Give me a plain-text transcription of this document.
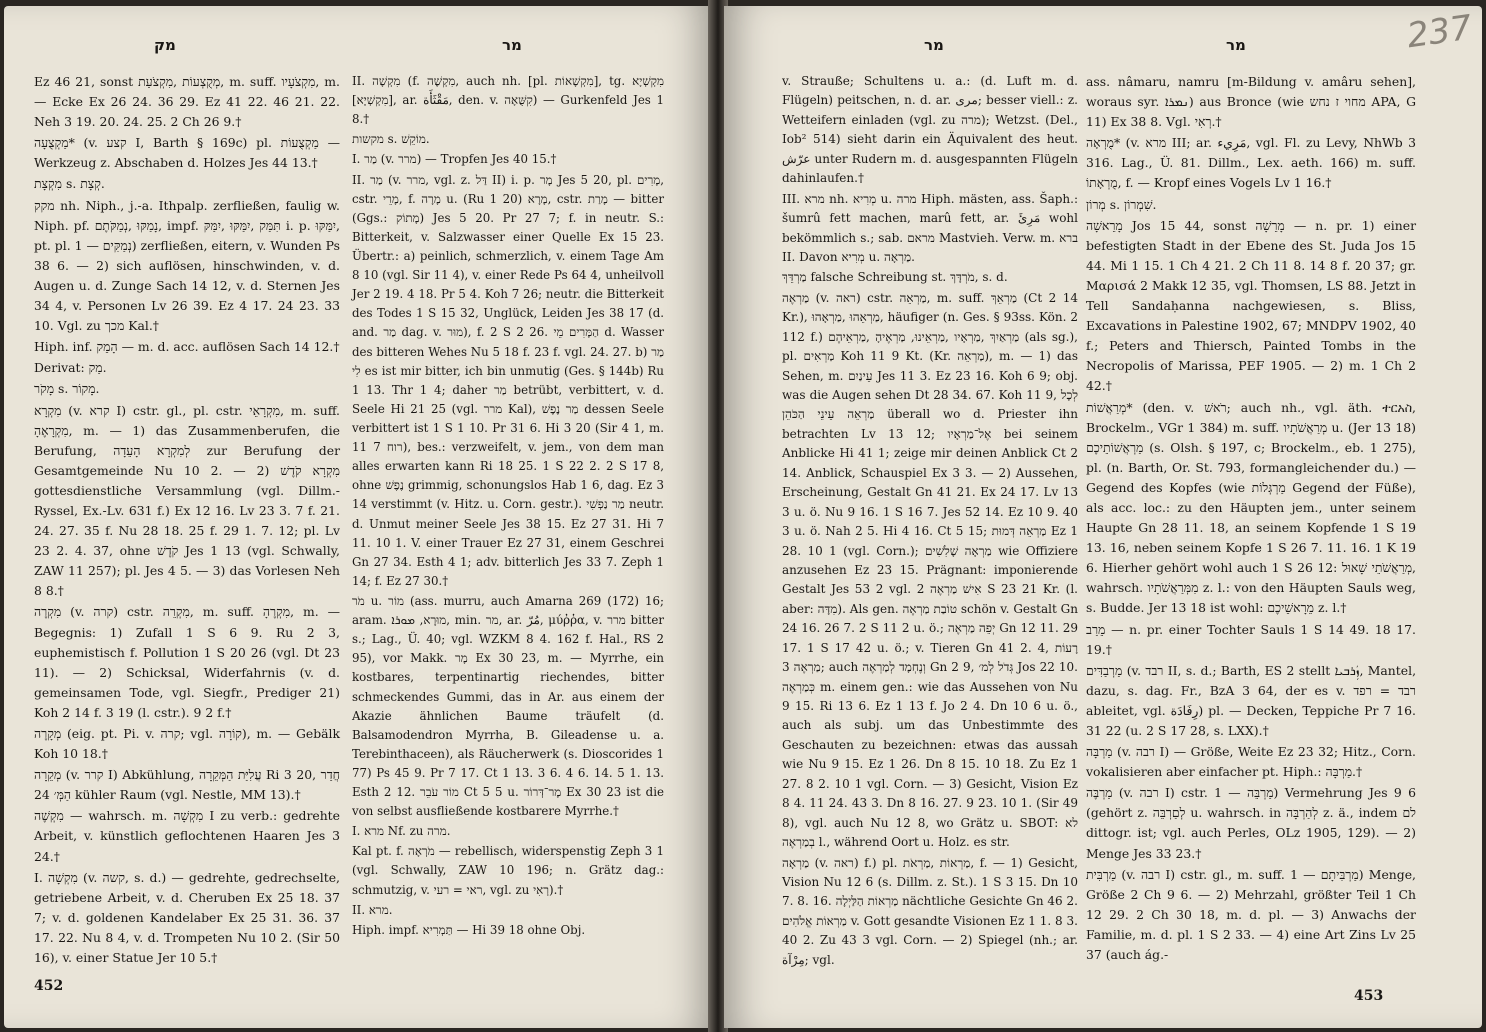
מק	מר
Ez 46 21, sonst מְקֻצְעוֹת ,מִקְצֹעַת, m. suff. מִקְצֹעָיו, m. — Ecke Ex 26 24. 36 29. Ez 41 22. 46 21. 22. Neh 3 19. 20. 24. 25. 2 Ch 26 9.†
מַקְצֻעָה* (v. קצע I, Barth § 169c) pl. מַקְצֻעוֹת — Werkzeug z. Abschaben d. Holzes Jes 44 13.†
מִקְצָת s. קְצָת.
מקק nh. Niph., j.-a. Ithpalp. zerfließen, faulig w. Niph. pf. נָמַקּוּ ,נְמַקֹּתֶם, impf. תִּמַּק ,יִמַּקּוּ ,יִמַּקּ i. p. יִמַּקּוּ, pt. pl. נְמַקִּים — 1) zerfließen, eitern, v. Wunden Ps 38 6. — 2) sich auflösen, hinschwinden, v. d. Augen u. d. Zunge Sach 14 12, v. d. Sternen Jes 34 4, v. Personen Lv 26 39. Ez 4 17. 24 23. 33 10. Vgl. zu מכך Kal.†
Hiph. inf. הָמֵק — m. d. acc. auflösen Sach 14 12.†
Derivat: מַק.
מָקֹר s. מָקוֹר.
מִקְרָא (v. קרא I) cstr. gl., pl. cstr. מִקְרָאֵי, m. suff. מִקְרָאֶהָ, m. — 1) das Zusammenberufen, die Berufung, לְמִקְרָא הָעֵדָה zur Berufung der Gesamtgemeinde Nu 10 2. — 2) מִקְרָא קֹדֶשׁ gottesdienstliche Versammlung (vgl. Dillm.-Ryssel, Ex.-Lv. 631 f.) Ex 12 16. Lv 23 3. 7 f. 21. 24. 27. 35 f. Nu 28 18. 25 f. 29 1. 7. 12; pl. Lv 23 2. 4. 37, ohne קֹדֶשׁ Jes 1 13 (vgl. Schwally, ZAW 11 257); pl. Jes 4 5. — 3) das Vorlesen Neh 8 8.†
מִקְרֶה (v. קרה) cstr. מִקְרֵה, m. suff. מִקְרֶהָ, m. — Begegnis: 1) Zufall 1 S 6 9. Ru 2 3, euphemistisch f. Pollution 1 S 20 26 (vgl. Dt 23 11). — 2) Schicksal, Widerfahrnis (v. d. gemeinsamen Tode, vgl. Siegfr., Prediger 21) Koh 2 14 f. 3 19 (l. cstr.). 9 2 f.†
מְקָרֶה (eig. pt. Pi. v. קרה; vgl. קוֹרָה), m. — Gebälk Koh 10 18.†
מְקֵרָה (v. קרר I) Abkühlung, עֲלִיַּת הַמְּקֵרָה Ri 3 20, חֲדַר הַמְּ׳ 24 kühler Raum (vgl. Nestle, MM 13).†
מִקְשֶׁה — wahrsch. m. מִקְשָׁה I zu verb.: gedrehte Arbeit, v. künstlich geflochtenen Haaren Jes 3 24.†
I. מִקְשָׁה (v. קשה, s. d.) — gedrehte, gedrechselte, getriebene Arbeit, v. d. Cheruben Ex 25 18. 37 7; v. d. goldenen Kandelaber Ex 25 31. 36. 37 17. 22. Nu 8 4, v. d. Trompeten Nu 10 2. (Sir 50 16), v. einer Statue Jer 10 5.†
II. מִקְשָׁה (f. מִקְשֶׁה, auch nh. [pl. מִקְשָׁאוֹת], tg. מִקְשְׁיָא [מִקְשְׁיָא], ar. مَقْثَأَة, den. v. קִשֻּׁאָה) — Gurkenfeld Jes 1 8.†
מקשות s. מוֹקֵשׁ.
I. מַר (v. מרר) — Tropfen Jes 40 15.†
II. מַר (v. מרר, vgl. z. דַּל II) i. p. מָר Jes 5 20, pl. מָרִים, cstr. מָרֵי, f. מָרָה u. (Ru 1 20) מָרָא, cstr. מָרַת — bitter (Ggs.: מָתוֹק) Jes 5 20. Pr 27 7; f. in neutr. S.: Bitterkeit, v. Salzwasser einer Quelle Ex 15 23. Übertr.: a) peinlich, schmerzlich, v. einem Tage Am 8 10 (vgl. Sir 11 4), v. einer Rede Ps 64 4, unheilvoll Jer 2 19. 4 18. Pr 5 4. Koh 7 26; neutr. die Bitterkeit des Todes 1 S 15 32, Unglück, Leiden Jes 38 17 (d. and. מַר dag. v. מוּר), f. 2 S 2 26. הַמָּרִים מֵי d. Wasser des bitteren Wehes Nu 5 18 f. 23 f. vgl. 24. 27. b) מַר לִי es ist mir bitter, ich bin unmutig (Ges. § 144b) Ru 1 13. Thr 1 4; daher מַר betrübt, verbittert, v. d. Seele Hi 21 25 (vgl. מרר Kal), מַר נֶפֶשׁ dessen Seele verbittert ist 1 S 1 10. Pr 31 6. Hi 3 20 (Sir 4 1, m. רוח 7 11), bes.: verzweifelt, v. jem., von dem man alles erwarten kann Ri 18 25. 1 S 22 2. 2 S 17 8, ohne נֶפֶשׁ grimmig, schonungslos Hab 1 6, dag. Ez 3 14 verstimmt (v. Hitz. u. Corn. gestr.). מַר נַפְשִׁי neutr. d. Unmut meiner Seele Jes 38 15. Ez 27 31. Hi 7 11. 10 1. V. einer Trauer Ez 27 31, einem Geschrei Gn 27 34. Esth 4 1; adv. bitterlich Jes 33 7. Zeph 1 14; f. Ez 27 30.†
מֹר u. מוֹר (ass. murru, auch Amarna 269 (172) 16; aram. מוּרָא, ܡܘܪܐ, min. מר, ar. مُرّ, μύῤῥα, v. מרר bitter s.; Lag., Ü. 40; vgl. WZKM 8 4. 162 f. Hal., RS 2 95), vor Makk. מָר Ex 30 23, m. — Myrrhe, ein kostbares, terpentinartig riechendes, bitter schmeckendes Gummi, das in Ar. aus einem der Akazie ähnlichen Baume träufelt (d. Balsamodendron Myrrha, B. Gileadense u. a. Terebinthaceen), als Räucherwerk (s. Dioscorides 1 77) Ps 45 9. Pr 7 17. Ct 1 13. 3 6. 4 6. 14. 5 1. 13. Esth 2 12. מוֹר עֹבֵר Ct 5 5 u. מָר־דְּרוֹר Ex 30 23 ist die von selbst ausfließende kostbarere Myrrhe.†
I. מרא Nf. zu מרה.
Kal pt. f. מֹרְאָה — rebellisch, widerspenstig Zeph 3 1 (vgl. Schwally, ZAW 10 196; n. Grätz dag.: schmutzig, v. ראי = רעי, vgl. zu רְאִי).†
II. מרא.
Hiph. impf. תַּמְרִיא — Hi 39 18 ohne Obj.
452
מר	מר	237
v. Strauße; Schultens u. a.: (d. Luft m. d. Flügeln) peitschen, n. d. ar. مرى; besser viell.: z. Wetteifern einladen (vgl. zu מרה); Wetzst. (Del., Iob² 514) sieht darin ein Äquivalent des heut. عرّش unter Rudern m. d. ausgespannten Flügeln dahinlaufen.†
III. מרא nh. מְרִיא u. מרה Hiph. mästen, ass. Šaph.: šumrû fett machen, marû fett, ar. مَرِئَ wohl bekömmlich s.; sab. מראם Mastvieh. Verw. m. ברא II. Davon מְרִיא u. מַרְאָה.
מַרְדֵּךְ falsche Schreibung st. מֹרְדָּךְ, s. d.
מַרְאֶה (v. ראה) cstr. מַרְאֵה, m. suff. מַרְאֵךְ (Ct 2 14 Kr.), מַרְאֵהוּ ,מַרְאָהוּ, häufiger (n. Ges. § 93ss. Kön. 2 112 f.) מַרְאַיִךְ ,מַרְאָיו ,מַרְאֵינוּ, מַרְאֶיהָ ,מַרְאֵיהֶם (als sg.), pl. מַרְאִים Koh 11 9 Kt. (Kr. מַרְאֵה), m. — 1) das Sehen, m. עֵינַיִם Jes 11 3. Ez 23 16. Koh 6 9; obj. was die Augen sehen Dt 28 34. 67. Koh 11 9, לְכָל מַרְאֵה עֵינֵי הַכֹּהֵן überall wo d. Priester ihn betrachten Lv 13 12; אֶל־מַרְאָיו bei seinem Anblicke Hi 41 1; zeige mir deinen Anblick Ct 2 14. Anblick, Schauspiel Ex 3 3. — 2) Aussehen, Erscheinung, Gestalt Gn 41 21. Ex 24 17. Lv 13 3 u. ö. Nu 9 16. 1 S 16 7. Jes 52 14. Ez 10 9. 40 3 u. ö. Nah 2 5. Hi 4 16. Ct 5 15; מַרְאֵה דְּמוּת Ez 1 28. 10 1 (vgl. Corn.); מַרְאָה שָׁלִשִׁים wie Offiziere anzusehen Ez 23 15. Prägnant: imponierende Gestalt Jes 53 2 vgl. אִישׁ מַרְאֶה 2 S 23 21 Kr. (l. aber: מִדָּה). Als gen. טוֹבַת מַרְאֶה schön v. Gestalt Gn 24 16. 26 7. 2 S 11 2 u. ö.; יְפֵה מַרְאֶה Gn 12 11. 29 17. 1 S 17 42 u. ö.; v. Tieren Gn 41 2. 4, רָעוֹת מַרְאֶה 3; auch וְנֶחְמָד לְמַרְאֶה Gn 2 9, גְּדֹל לְמ׳ Jos 22 10. כְּמַרְאֶה m. einem gen.: wie das Aussehen von Nu 9 15. Ri 13 6. Ez 1 13 f. Jo 2 4. Dn 10 6 u. ö., auch als subj. um das Unbestimmte des Geschauten zu bezeichnen: etwas das aussah wie Nu 9 15. Ez 1 26. Dn 8 15. 10 18. Zu Ez 1 27. 8 2. 10 1 vgl. Corn. — 3) Gesicht, Vision Ez 8 4. 11 24. 43 3. Dn 8 16. 27. 9 23. 10 1. (Sir 49 8), vgl. auch Nu 12 8, wo Grätz u. SBOT: לא בְמַרְאֶה l., während Oort u. Holz. es str.
מַרְאָה (v. ראה) f.) pl. מַרְאוֹת ,מַרְאֹת, f. — 1) Gesicht, Vision Nu 12 6 (s. Dillm. z. St.). 1 S 3 15. Dn 10 7. 8. 16. מַרְאוֹת הַלַּיְלָה nächtliche Gesichte Gn 46 2. מַרְאוֹת אֱלֹהִים v. Gott gesandte Visionen Ez 1 1. 8 3. 40 2. Zu 43 3 vgl. Corn. — 2) Spiegel (nh.; ar. مِرْآة; vgl.
ass. nâmaru, namru [m-Bildung v. amâru sehen], woraus syr. ܢܡܪܐ) aus Bronce (wie מחוי ז נחש APA, G 11) Ex 38 8. Vgl. רְאִי.†
מֻרְאָה* (v. מרא III; ar. مَرِيء, vgl. Fl. zu Levy, NhWb 3 316. Lag., Ü. 81. Dillm., Lex. aeth. 166) m. suff. מֻרְאָתוֹ, f. — Kropf eines Vogels Lv 1 16.†
מְרוֹן s. שִׁמְרוֹן.
מָרֵאשָׁה Jos 15 44, sonst מָרֵשָׁה — n. pr. 1) einer befestigten Stadt in der Ebene des St. Juda Jos 15 44. Mi 1 15. 1 Ch 4 21. 2 Ch 11 8. 14 8 f. 20 37; gr. Μαρισά 2 Makk 12 35, vgl. Thomsen, LS 88. Jetzt in Tell Sandaḥanna nachgewiesen, s. Bliss, Excavations in Palestine 1902, 67; MNDPV 1902, 40 f.; Peters and Thiersch, Painted Tombs in the Necropolis of Marissa, PEF 1905. — 2) m. 1 Ch 2 42.†
מְרַאֲשׁוֹת* (den. v. רֹאשׁ; auch nh., vgl. äth. ተርአስ, Brockelm., VGr 1 384) m. suff. מְרַאֲשֹׁתָיו u. (Jer 13 18) מַרְאֲשׁוֹתֵיכֶם (s. Olsh. § 197, c; Brockelm., eb. 1 275), pl. (n. Barth, Or. St. 793, formangleichender du.) — Gegend des Kopfes (wie מַרְגְּלוֹת Gegend der Füße), als acc. loc.: zu den Häupten jem., unter seinem Haupte Gn 28 11. 18, an seinem Kopfende 1 S 19 13. 16, neben seinem Kopfe 1 S 26 7. 11. 16. 1 K 19 6. Hierher gehört wohl auch 1 S 26 12: מְרַאֲשֹׁתֵי שָׁאוּל, wahrsch. מִמְּרַאֲשֹׁתָיו z. l.: von den Häupten Sauls weg, s. Budde. Jer 13 18 ist wohl: מֵרָאשֵׁיכֶם z. l.†
מֵרַב — n. pr. einer Tochter Sauls 1 S 14 49. 18 17. 19.†
מַרְבַדִּים (v. רבד II, s. d.; Barth, ES 2 stellt ܙܲܪܒܝܐ, Mantel, dazu, s. dag. Fr., BzA 3 64, der es v. רבד = רפד ableitet, vgl. رِفَادَة) pl. — Decken, Teppiche Pr 7 16. 31 22 (u. 2 S 17 28, s. LXX).†
מַרְבָּה (v. רבה I) — Größe, Weite Ez 23 32; Hitz., Corn. vokalisieren aber einfacher pt. Hiph.: מַרְבָּה.†
מַרְבֶּה (v. רבה I) cstr. מַרְבֵּה — 1) Vermehrung Jes 9 6 (gehört z. לְםַרְבֵּה u. wahrsch. in לְהַרְבָּה z. ä., indem לם dittogr. ist; vgl. auch Perles, OLz 1905, 129). — 2) Menge Jes 33 23.†
מַרְבִּית (v. רבה I) cstr. gl., m. suff. מַרְבִּיתָם — 1) Menge, Größe 2 Ch 9 6. — 2) Mehrzahl, größter Teil 1 Ch 12 29. 2 Ch 30 18, m. d. pl. — 3) Anwachs der Familie, m. d. pl. 1 S 2 33. — 4) eine Art Zins Lv 25 37 (auch ág.-
453
